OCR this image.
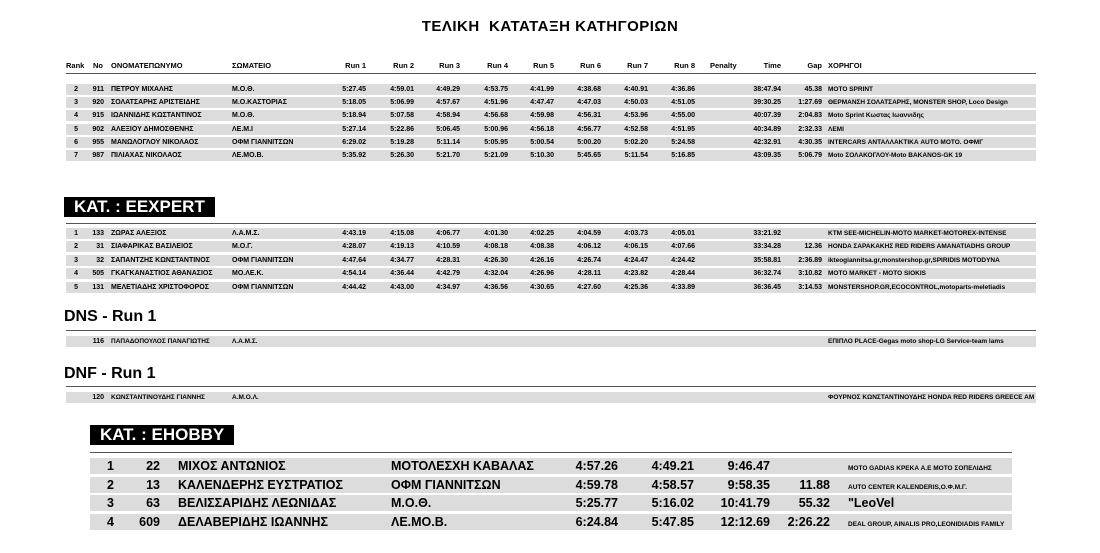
ΤΕΛΙΚΗ  ΚΑΤΑΤΑΞΗ ΚΑΤΗΓΟΡΙΩΝ
Rank No ΟΝΟΜΑΤΕΠΩΝΥΜΟ	ΣΩΜΑΤΕΙΟ	Run 1	Run 2	Run 3	Run 4	Run 5	Run 6	Run 7	Run 8 Penalty	Time	Gap ΧΟΡΗΓΟΙ
2	911 ΠΕΤΡΟΥ ΜΙΧΑΛΗΣ	Μ.Ο.Θ.	5:27.45	4:59.01	4:49.29	4:53.75	4:41.99	4:38.68	4:40.91	4:36.86	38:47.94	45.38 MOTO SPRINT
3	920 ΣΟΛΑΤΣΑΡΗΣ ΑΡΙΣΤΕΙΔΗΣ	Μ.Ο.ΚΑΣΤΟΡΙΑΣ	5:18.05	5:06.99	4:57.67	4:51.96	4:47.47	4:47.03	4:50.03	4:51.05	39:30.25	1:27.69 ΘΕΡΜΑΝΣΗ ΣΟΛΑΤΣΑΡΗΣ, MONSTER SHOP, Loco Design
4	915 ΙΩΑΝΝΙΔΗΣ ΚΩΣΤΑΝΤΙΝΟΣ	Μ.Ο.Θ.	5:18.94	5:07.58	4:58.94	4:56.68	4:59.98	4:56.31	4:53.96	4:55.00	40:07.39	2:04.83 Moto Sprint Κωστας Ιωαννιδης
5	902 ΑΛΕΞΙΟΥ ΔΗΜΟΣΘΕΝΗΣ	ΛΕ.Μ.Ι	5:27.14	5:22.86	5:06.45	5:00.96	4:56.18	4:56.77	4:52.58	4:51.95	40:34.89	2:32.33 ΛΕΜΙ
6	955 ΜΑΝΩΛΟΓΛΟΥ ΝΙΚΟΛΑΟΣ	ΟΦΜ ΓΙΑΝΝΙΤΣΩΝ	6:29.02	5:19.28	5:11.14	5:05.95	5:00.54	5:00.20	5:02.20	5:24.58	42:32.91	4:30.35 INTERCARS ΑΝΤΑΛΛΑΚΤΙΚΑ AUTO MOTO. ΟΦΜΓ
7	987 ΠΙΛΙΑΧΑΣ ΝΙΚΟΛΑΟΣ	ΛΕ.ΜΟ.Β.	5:35.92	5:26.30	5:21.70	5:21.09	5:10.30	5:45.65	5:11.54	5:16.85	43:09.35	5:06.79 Moto ΣΟΛΑΚΟΓΛΟΥ-Moto BAKANOS-GK 19
ΚΑΤ. : EEXPERT
1	133 ΖΩΡΑΣ ΑΛΕΞΙΟΣ	Λ.Α.Μ.Σ.	4:43.19	4:15.08	4:06.77	4:01.30	4:02.25	4:04.59	4:03.73	4:05.01	33:21.92	KTM SEE-MICHELIN-MOTO MARKET-MOTOREX-INTENSE
2	31 ΣΙΑΦΑΡΙΚΑΣ ΒΑΣΙΛΕΙΟΣ	Μ.Ο.Γ.	4:28.07	4:19.13	4:10.59	4:08.18	4:08.38	4:06.12	4:06.15	4:07.66	33:34.28	12.36 HONDA ΣΑΡΑΚΑΚΗΣ RED RIDERS AMANATIADHS GROUP
3	32 ΣΑΠΑΝΤΖΗΣ ΚΩΝΣΤΑΝΤΙΝΟΣ	ΟΦΜ ΓΙΑΝΝΙΤΣΩΝ	4:47.64	4:34.77	4:28.31	4:26.30	4:26.16	4:26.74	4:24.47	4:24.42	35:58.81	2:36.89 ikteogiannitsa.gr,monstershop.gr,SPIRIDIS MOTODYNA
4	505 ΓΚΑΓΚΑΝΑΣΤΙΟΣ ΑΘΑΝΑΣΙΟΣ	ΜΟ.ΛΕ.Κ.	4:54.14	4:36.44	4:42.79	4:32.04	4:26.96	4:28.11	4:23.82	4:28.44	36:32.74	3:10.82 MOTO MARKET - MOTO SIOKIS
5	131 ΜΕΛΕΤΙΑΔΗΣ ΧΡΙΣΤΟΦΟΡΟΣ	ΟΦΜ ΓΙΑΝΝΙΤΣΩΝ	4:44.42	4:43.00	4:34.97	4:36.56	4:30.65	4:27.60	4:25.36	4:33.89	36:36.45	3:14.53 MONSTERSHOP.GR,ECOCONTROL,motoparts-meletiadis
DNS - Run 1
116 ΠΑΠΑΔΟΠΟΥΛΟΣ ΠΑΝΑΓΙΩΤΗΣ	Λ.Α.Μ.Σ.	ΕΠΙΠΛΟ PLACE-Gegas moto shop-LG Service-team lams
DNF - Run 1
120 ΚΩΝΣΤΑΝΤΙΝΟΥΔΗΣ ΓΙΑΝΝΗΣ	Α.Μ.Ο.Λ.	ΦΟΥΡΝΟΣ ΚΩΝΣΤΑΝΤΙΝΟΥΔΗΣ HONDA RED RIDERS GREECE AM
ΚΑΤ. : EHOBBY
1	22 ΜΙΧΟΣ ΑΝΤΩΝΙΟΣ	ΜΟΤΟΛΕΣΧΗ ΚΑΒΑΛΑΣ	4:57.26	4:49.21	9:46.47	MOTO GADIAS ΚΡΕΚΑ Α.Ε ΜΟΤΟ ΣΟΠΕΛΙΔΗΣ
2	13 ΚΑΛΕΝΔΕΡΗΣ ΕΥΣΤΡΑΤΙΟΣ	ΟΦΜ ΓΙΑΝΝΙΤΣΩΝ	4:59.78	4:58.57	9:58.35	11.88	AUTO CENTER KALENDERIS,Ο.Φ.Μ.Γ.
3	63 ΒΕΛΙΣΣΑΡΙΔΗΣ ΛΕΩΝΙΔΑΣ	Μ.Ο.Θ.	5:25.77	5:16.02	10:41.79	55.32 "LeoVel
4	609 ΔΕΛΑΒΕΡΙΔΗΣ ΙΩΑΝΝΗΣ	ΛΕ.ΜΟ.Β.	6:24.84	5:47.85	12:12.69	2:26.22	DEAL GROUP, AINALIS PRO,LEONIDIADIS FAMILY
